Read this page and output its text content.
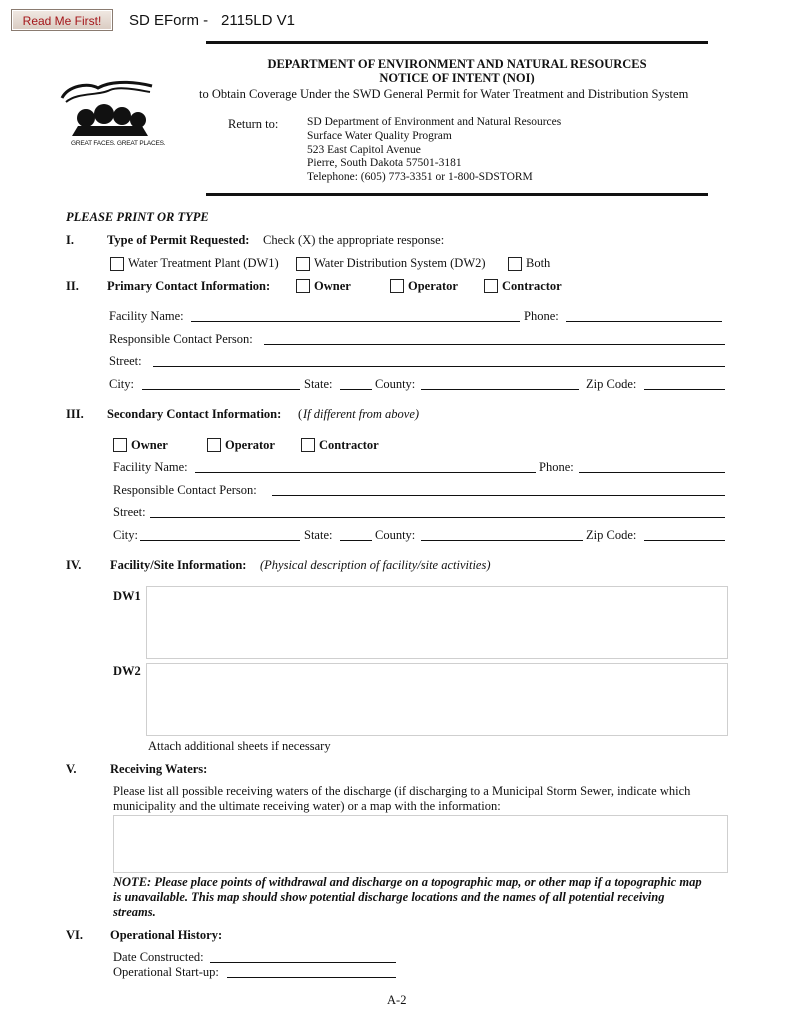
Read Me First!	SD EForm - 2115LD V1
GREAT FACES. GREAT PLACES.
DEPARTMENT OF ENVIRONMENT AND NATURAL RESOURCES
NOTICE OF INTENT (NOI)
to Obtain Coverage Under the SWD General Permit for Water Treatment and Distribution System
Return to: SD Department of Environment and Natural Resources
Surface Water Quality Program
523 East Capitol Avenue
Pierre, South Dakota 57501-3181
Telephone: (605) 773-3351 or 1-800-SDSTORM
PLEASE PRINT OR TYPE
I.	Type of Permit Requested: Check (X) the appropriate response:
Water Treatment Plant (DW1)	Water Distribution System (DW2)	Both
II. Primary Contact Information:	Owner	Operator	Contractor
Facility Name:	Phone:
Responsible Contact Person:
Street:
City:	State:	County:	Zip Code:
III. Secondary Contact Information: ( If different from above)
Owner	Operator	Contractor
Facility Name:	Phone:
Responsible Contact Person:
Street:
City:	State:	County:	Zip Code:
IV. Facility/Site Information: (Physical description of facility/site activities)
DW1
DW2
Attach additional sheets if necessary
V.	Receiving Waters:
Please list all possible receiving waters of the discharge (if discharging to a Municipal Storm Sewer, indicate which
municipality and the ultimate receiving water) or a map with the information:
NOTE: Please place points of withdrawal and discharge on a topographic map, or other map if a topographic map
is unavailable. This map should show potential discharge locations and the names of all potential receiving
streams.
VI. Operational History:
Date Constructed:
Operational Start-up:
A-2
